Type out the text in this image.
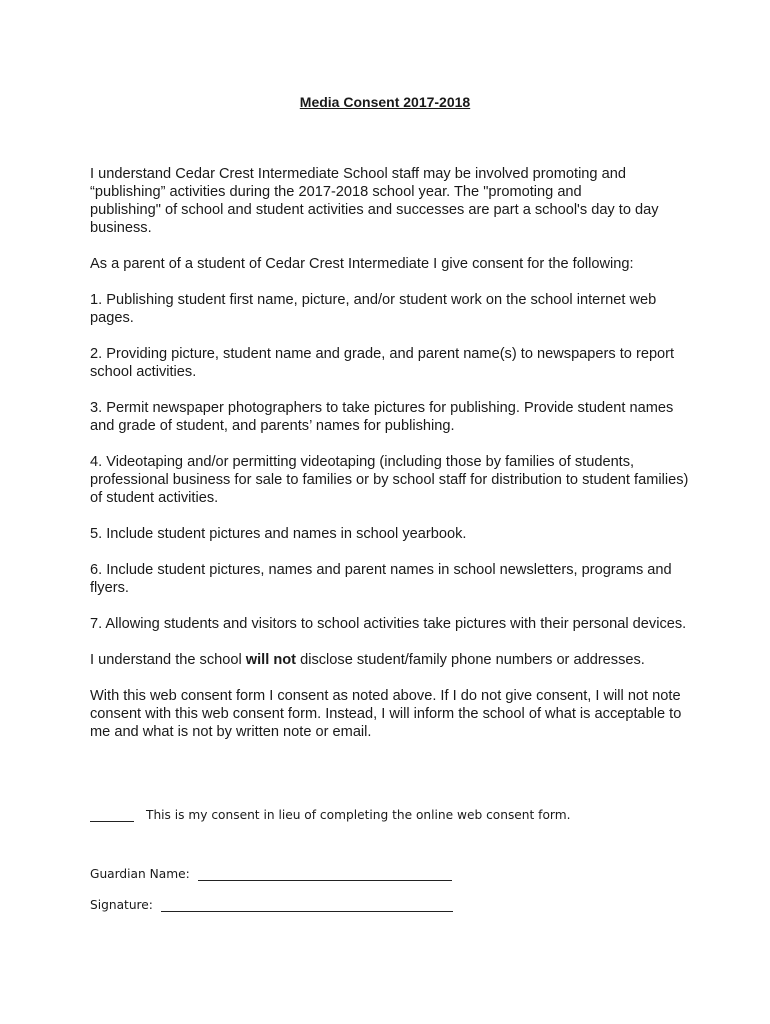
Media Consent 2017-2018

I understand Cedar Crest Intermediate School staff may be involved promoting and
“publishing” activities during the 2017-2018 school year. The "promoting and
publishing" of school and student activities and successes are part a school's day to day
business.

As a parent of a student of Cedar Crest Intermediate I give consent for the following:

1. Publishing student first name, picture, and/or student work on the school internet web pages.

2. Providing picture, student name and grade, and parent name(s) to newspapers to report school activities.

3. Permit newspaper photographers to take pictures for publishing. Provide student names and grade of student, and parents’ names for publishing.

4. Videotaping and/or permitting videotaping (including those by families of students, professional business for sale to families or by school staff for distribution to student families) of student activities.

5. Include student pictures and names in school yearbook.

6. Include student pictures, names and parent names in school newsletters, programs and flyers.

7. Allowing students and visitors to school activities take pictures with their personal devices.

I understand the school will not disclose student/family phone numbers or addresses.

With this web consent form I consent as noted above. If I do not give consent, I will not note consent with this web consent form. Instead, I will inform the school of what is acceptable to me and what is not by written note or email.

This is my consent in lieu of completing the online web consent form.
Guardian Name:
Signature:
